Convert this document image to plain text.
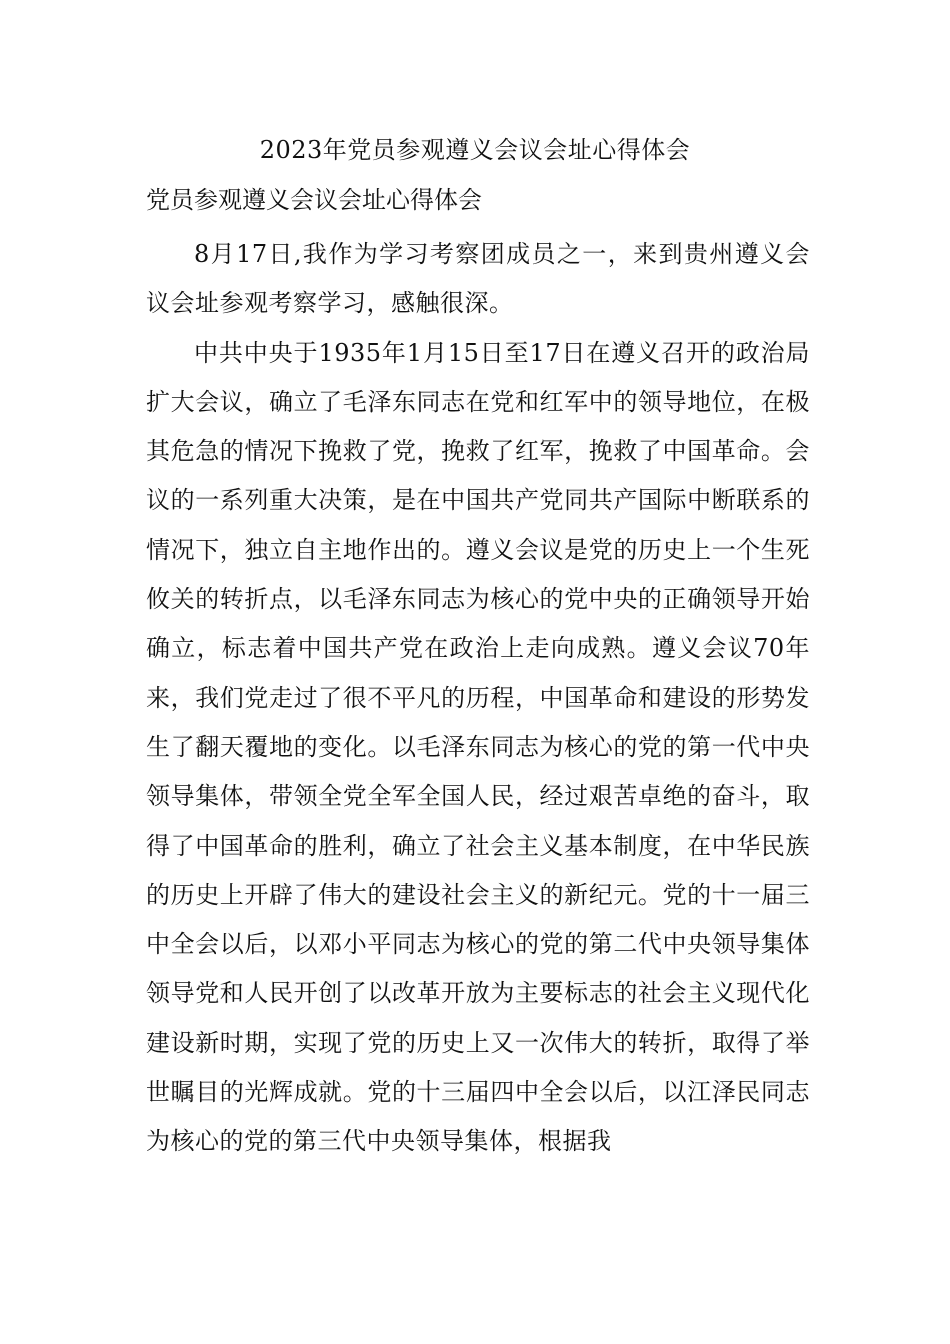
2023年党员参观遵义会议会址心得体会
党员参观遵义会议会址心得体会

8月17日,我作为学习考察团成员之一，来到贵州遵义会议会址参观考察学习，感触很深。

中共中央于1935年1月15日至17日在遵义召开的政治局扩大会议，确立了毛泽东同志在党和红军中的领导地位，在极其危急的情况下挽救了党，挽救了红军，挽救了中国革命。会议的一系列重大决策，是在中国共产党同共产国际中断联系的情况下，独立自主地作出的。遵义会议是党的历史上一个生死攸关的转折点，以毛泽东同志为核心的党中央的正确领导开始确立，标志着中国共产党在政治上走向成熟。遵义会议70年来，我们党走过了很不平凡的历程，中国革命和建设的形势发生了翻天覆地的变化。以毛泽东同志为核心的党的第一代中央领导集体，带领全党全军全国人民，经过艰苦卓绝的奋斗，取得了中国革命的胜利，确立了社会主义基本制度，在中华民族的历史上开辟了伟大的建设社会主义的新纪元。党的十一届三中全会以后，以邓小平同志为核心的党的第二代中央领导集体领导党和人民开创了以改革开放为主要标志的社会主义现代化建设新时期，实现了党的历史上又一次伟大的转折，取得了举世瞩目的光辉成就。党的十三届四中全会以后，以江泽民同志为核心的党的第三代中央领导集体，根据我
